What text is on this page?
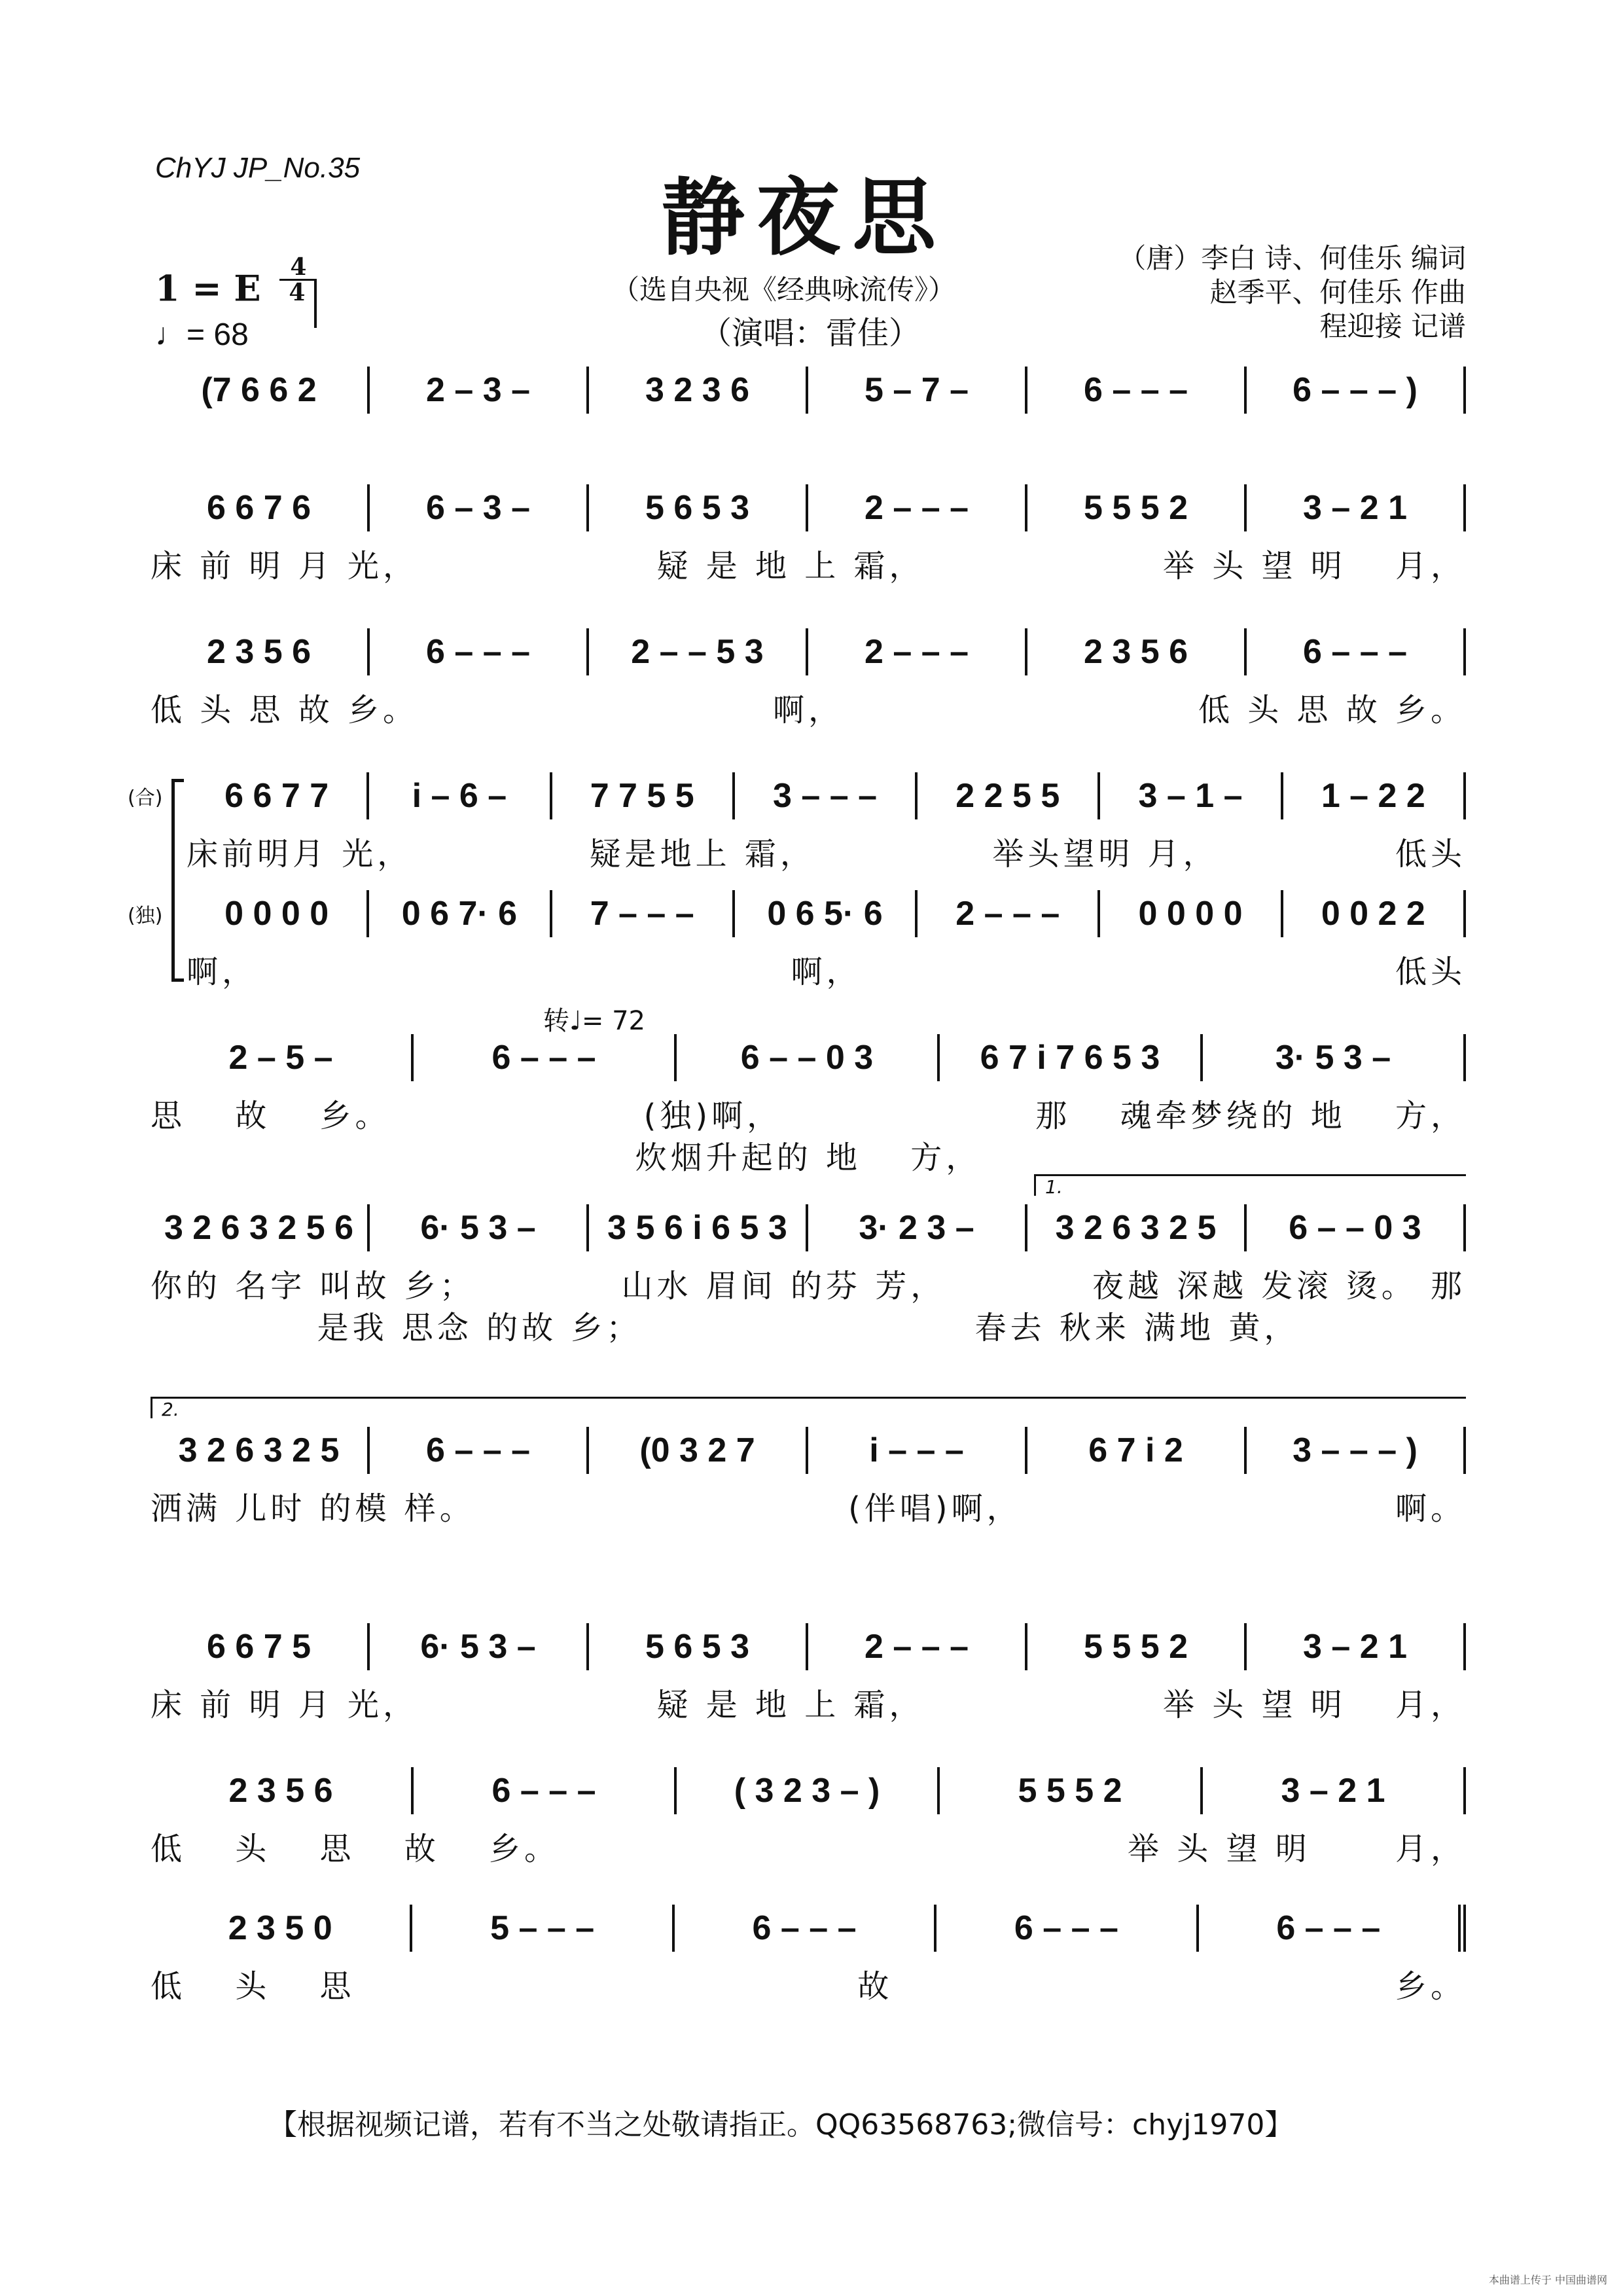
ChYJ JP_No.35
静夜思
（选自央视《经典咏流传》）
（演唱：雷佳）
（唐）李白 诗、何佳乐 编词
赵季平、何佳乐 作曲
程迎接 记谱
1 = E $\frac{4}{4}$
♩= 68
(7 6 6 2	2 – 3 –	3 2 3 6	5 – 7 –	6 – – –	6 – – – )
6 6 7 6	6 – 3 –	5 6 5 3	2 – – –	5 5 5 2	3 – 2 1
床 前 明 月 光，	疑 是 地 上 霜，	举 头 望 明 　月，
2 3 5 6	6 – – –	2 – – 5 3	2 – – –	2 3 5 6	6 – – –
低 头 思 故 乡。	啊，	低 头 思 故 乡。
6 6 7 7	i – 6 –	7 7 5 5	3 – – –	2 2 5 5	3 – 1 –	1 – 2 2
床前明月 光，	疑是地上 霜，	举头望明 月，	低头
(合)
0 0 0 0	0 6 7· 6	7 – – –	0 6 5· 6	2 – – –	0 0 0 0	0 0 2 2
啊，	啊，	低头
(独)
2 – 5 –	6 – – –	6 – – 0 3	6 7 i 7 6 5 3	3· 5 3 –
思 　故 　乡。	(独)啊，	那 　魂牵梦绕的 地 　方，
炊烟升起的 地 　方，
转♩= 72
3 2 6 3 2 5 6	6· 5 3 –	3 5 6 i 6 5 3	3· 2 3 –	3 2 6 3 2 5	6 – – 0 3
你的 名字 叫故 乡；	山水 眉间 的芬 芳，	夜越 深越 发滚 烫。 那
是我 思念 的故 乡；	春去 秋来 满地 黄，
1.
3 2 6 3 2 5	6 – – –	(0 3 2 7	i – – –	6 7 i 2	3 – – – )
洒满 儿时 的模 样。	(伴唱)啊，	啊。
2.
6 6 7 5	6· 5 3 –	5 6 5 3	2 – – –	5 5 5 2	3 – 2 1
床 前 明 月 光，	疑 是 地 上 霜，	举 头 望 明 　月，
2 3 5 6	6 – – –	( 3 2 3 – )	5 5 5 2	3 – 2 1
低 　头 　思 　故 　乡。	举 头 望 明 　　月，
2 3 5 0	5 – – –	6 – – –	6 – – –	6 – – –
低 　头 　思	故	乡。
【根据视频记谱，若有不当之处敬请指正。QQ63568763;微信号：chyj1970】
本曲谱上传于 中国曲谱网
